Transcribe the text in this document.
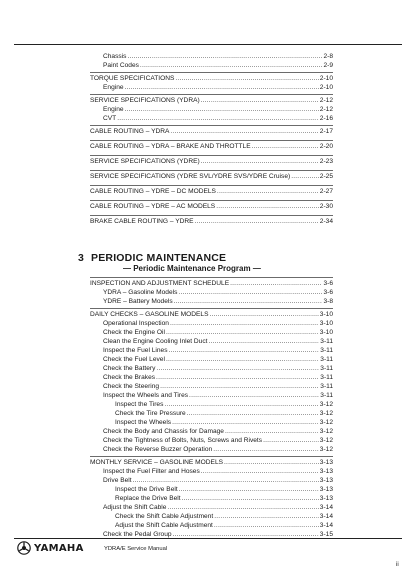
Chassis .....	2-8
Paint Codes .....	2-9
TORQUE SPECIFICATIONS .....	2-10
Engine .....	2-10
SERVICE SPECIFICATIONS (YDRA) .....	2-12
Engine .....	2-12
CVT .....	2-16
CABLE ROUTING – YDRA .....	2-17
CABLE ROUTING – YDRA – BRAKE AND THROTTLE .....	2-20
SERVICE SPECIFICATIONS (YDRE) .....	2-23
SERVICE SPECIFICATIONS (YDRE SVL/YDRE SVS/YDRE Cruise) .....	2-25
CABLE ROUTING – YDRE – DC MODELS .....	2-27
CABLE ROUTING – YDRE – AC MODELS .....	2-30
BRAKE CABLE ROUTING – YDRE .....	2-34
3 PERIODIC MAINTENANCE
— Periodic Maintenance Program —
INSPECTION AND ADJUSTMENT SCHEDULE .....	3-6
YDRA – Gasoline Models .....	3-6
YDRE – Battery Models .....	3-8
DAILY CHECKS – GASOLINE MODELS .....	3-10
Operational Inspection .....	3-10
Check the Engine Oil .....	3-10
Clean the Engine Cooling Inlet Duct .....	3-11
Inspect the Fuel Lines .....	3-11
Check the Fuel Level .....	3-11
Check the Battery .....	3-11
Check the Brakes .....	3-11
Check the Steering .....	3-11
Inspect the Wheels and Tires .....	3-11
Inspect the Tires .....	3-12
Check the Tire Pressure .....	3-12
Inspect the Wheels .....	3-12
Check the Body and Chassis for Damage .....	3-12
Check the Tightness of Bolts, Nuts, Screws and Rivets .....	3-12
Check the Reverse Buzzer Operation .....	3-12
MONTHLY SERVICE – GASOLINE MODELS .....	3-13
Inspect the Fuel Filter and Hoses .....	3-13
Drive Belt .....	3-13
Inspect the Drive Belt .....	3-13
Replace the Drive Belt .....	3-13
Adjust the Shift Cable .....	3-14
Check the Shift Cable Adjustment .....	3-14
Adjust the Shift Cable Adjustment .....	3-14
Check the Pedal Group .....	3-15
YAMAHA	YDRA/E Service Manual
ii
